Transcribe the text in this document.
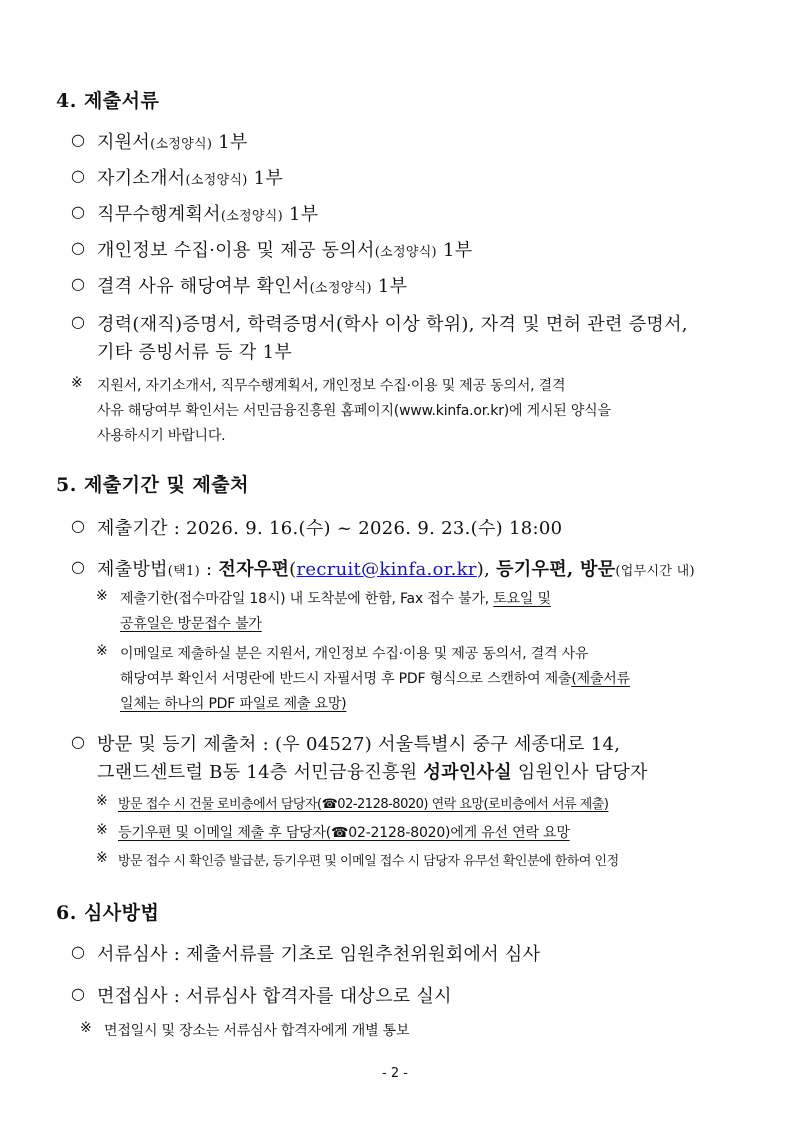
4. 제출서류
○ 지원서(소정양식) 1부
○ 자기소개서(소정양식) 1부
○ 직무수행계획서(소정양식) 1부
○ 개인정보 수집·이용 및 제공 동의서(소정양식) 1부
○ 결격 사유 해당여부 확인서(소정양식) 1부
○ 경력(재직)증명서, 학력증명서(학사 이상 학위), 자격 및 면허 관련 증명서,
기타 증빙서류 등 각 1부
※ 지원서, 자기소개서, 직무수행계획서, 개인정보 수집·이용 및 제공 동의서, 결격
사유 해당여부 확인서는 서민금융진흥원 홈페이지(www.kinfa.or.kr)에 게시된 양식을
사용하시기 바랍니다.
5. 제출기간 및 제출처
○ 제출기간 : 2026. 9. 16.(수) ~ 2026. 9. 23.(수) 18:00
○ 제출방법(택1) : 전자우편(recruit@kinfa.or.kr), 등기우편, 방문(업무시간 내)
※ 제출기한(접수마감일 18시) 내 도착분에 한함, Fax 접수 불가, 토요일 및
공휴일은 방문접수 불가
※ 이메일로 제출하실 분은 지원서, 개인정보 수집·이용 및 제공 동의서, 결격 사유
해당여부 확인서 서명란에 반드시 자필서명 후 PDF 형식으로 스캔하여 제출(제출서류
일체는 하나의 PDF 파일로 제출 요망)
○ 방문 및 등기 제출처 : (우 04527) 서울특별시 중구 세종대로 14,
그랜드센트럴 B동 14층 서민금융진흥원 성과인사실 임원인사 담당자
※ 방문 접수 시 건물 로비층에서 담당자(☎02-2128-8020) 연락 요망(로비층에서 서류 제출)
※ 등기우편 및 이메일 제출 후 담당자(☎02-2128-8020)에게 유선 연락 요망
※ 방문 접수 시 확인증 발급분, 등기우편 및 이메일 접수 시 담당자 유무선 확인분에 한하여 인정
6. 심사방법
○ 서류심사 : 제출서류를 기초로 임원추천위원회에서 심사
○ 면접심사 : 서류심사 합격자를 대상으로 실시
※ 면접일시 및 장소는 서류심사 합격자에게 개별 통보
- 2 -
